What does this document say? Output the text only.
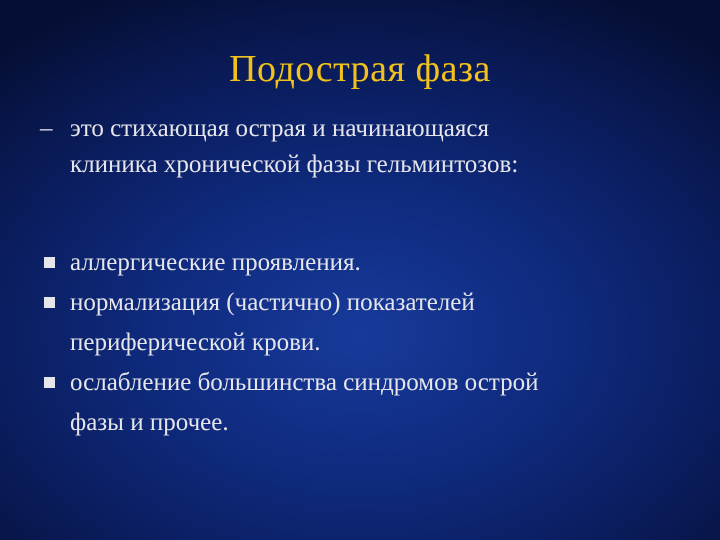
Подострая фаза
– это стихающая острая и начинающаяся
клиника хронической фазы гельминтозов:
аллергические проявления.
нормализация (частично) показателей
периферической крови.
ослабление большинства синдромов острой
фазы и прочее.
